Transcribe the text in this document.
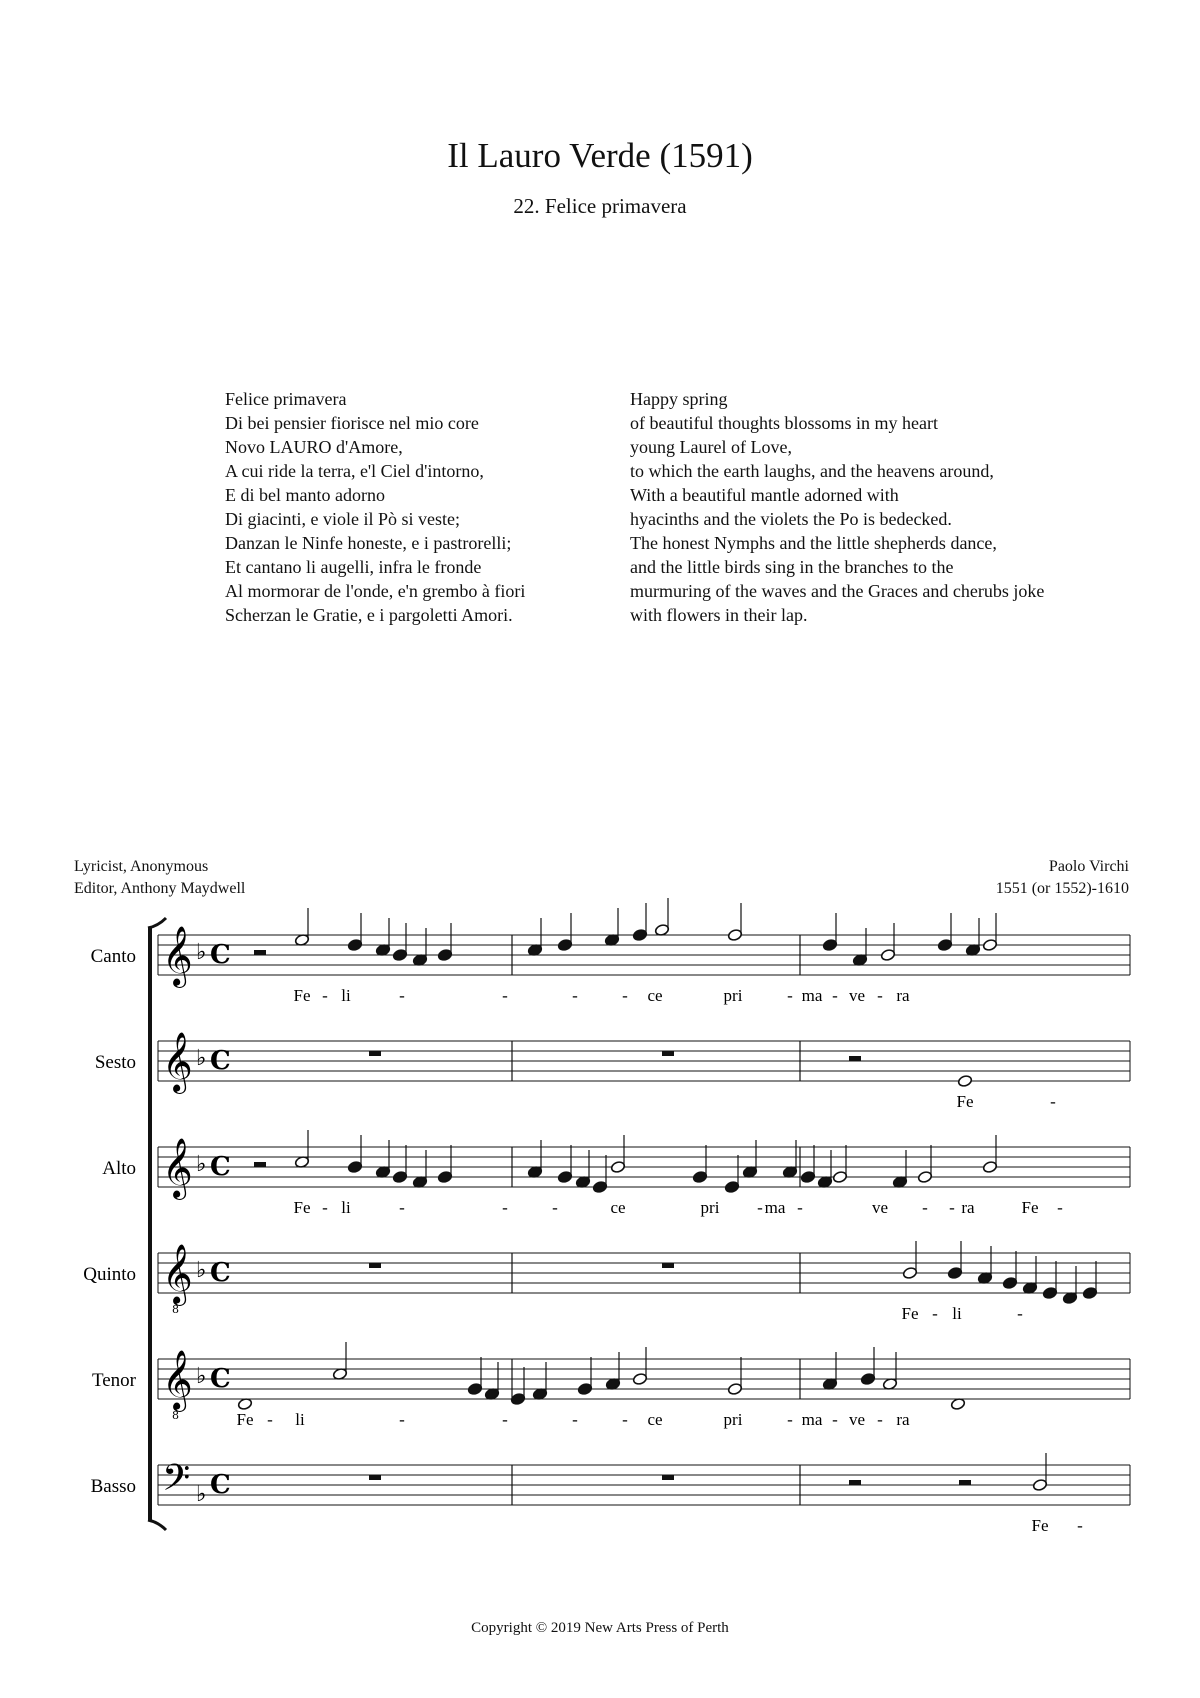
Il Lauro Verde (1591)
22. Felice primavera
Felice primavera
Di bei pensier fiorisce nel mio core
Novo LAURO d'Amore,
A cui ride la terra, e'l Ciel d'intorno,
E di bel manto adorno
Di giacinti, e viole il Pò si veste;
Danzan le Ninfe honeste, e i pastrorelli;
Et cantano li augelli, infra le fronde
Al mormorar de l'onde, e'n grembo à fiori
Scherzan le Gratie, e i pargoletti Amori.
Happy spring
of beautiful thoughts blossoms in my heart
young Laurel of Love,
to which the earth laughs, and the heavens around,
With a beautiful mantle adorned with
hyacinths and the violets the Po is bedecked.
The honest Nymphs and the little shepherds dance,
and the little birds sing in the branches to the
murmuring of the waves and the Graces and cherubs joke
with flowers in their lap.
Lyricist, Anonymous
Editor, Anthony Maydwell
Paolo Virchi
1551 (or 1552)-1610
Canto 𝄞 ♭ C
Fe - li	-	-	-	- ce	pri	- ma - ve - ra
Sesto 𝄞 ♭ C
Fe	-
Alto 𝄞 ♭ C
Fe - li	-	-	-	ce	pri - ma -	ve - - ra	Fe -
Quinto 𝄞
8
♭ C
Fe - li	-
Tenor 𝄞
8
♭ C
Fe - li	-	-	-	- ce	pri	- ma - ve - ra
Basso 𝄢 ♭ C
Fe -
Copyright © 2019 New Arts Press of Perth
